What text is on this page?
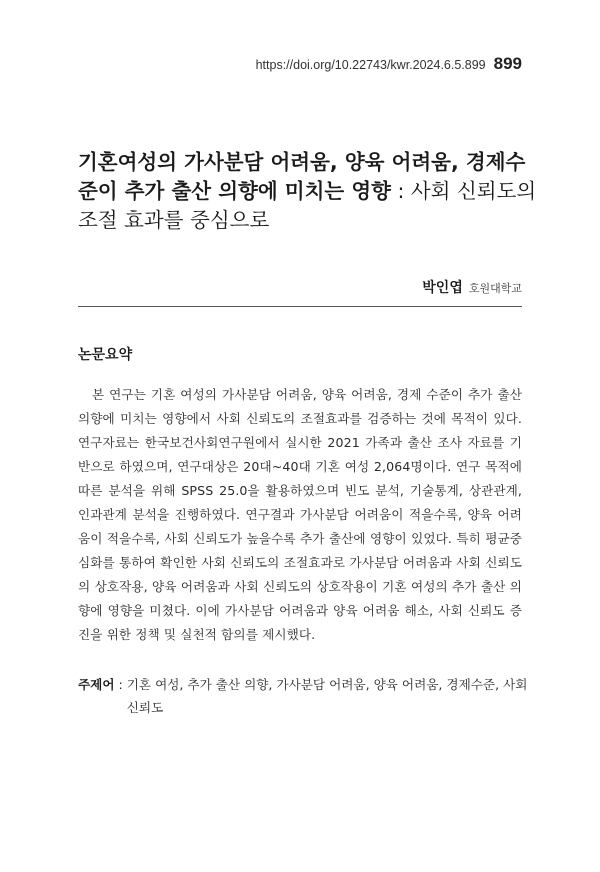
https://doi.org/10.22743/kwr.2024.6.5.899 899
기혼여성의 가사분담 어려움, 양육 어려움, 경제수준이 추가 출산 의향에 미치는 영향 : 사회 신뢰도의 조절 효과를 중심으로
박인엽 호원대학교
논문요약

본 연구는 기혼 여성의 가사분담 어려움, 양육 어려움, 경제 수준이 추가 출산 의향에 미치는 영향에서 사회 신뢰도의 조절효과를 검증하는 것에 목적이 있다. 연구자료는 한국보건사회연구원에서 실시한 2021 가족과 출산 조사 자료를 기반으로 하였으며, 연구대상은 20대~40대 기혼 여성 2,064명이다. 연구 목적에 따른 분석을 위해 SPSS 25.0을 활용하였으며 빈도 분석, 기술통계, 상관관계, 인과관계 분석을 진행하였다. 연구결과 가사분담 어려움이 적을수록, 양육 어려움이 적을수록, 사회 신뢰도가 높을수록 추가 출산에 영향이 있었다. 특히 평균중심화를 통하여 확인한 사회 신뢰도의 조절효과로 가사분담 어려움과 사회 신뢰도의 상호작용, 양육 어려움과 사회 신뢰도의 상호작용이 기혼 여성의 추가 출산 의향에 영향을 미쳤다. 이에 가사분담 어려움과 양육 어려움 해소, 사회 신뢰도 증진을 위한 정책 및 실천적 함의를 제시했다.

주제어 : 기혼 여성, 추가 출산 의향, 가사분담 어려움, 양육 어려움, 경제수준, 사회 신뢰도
